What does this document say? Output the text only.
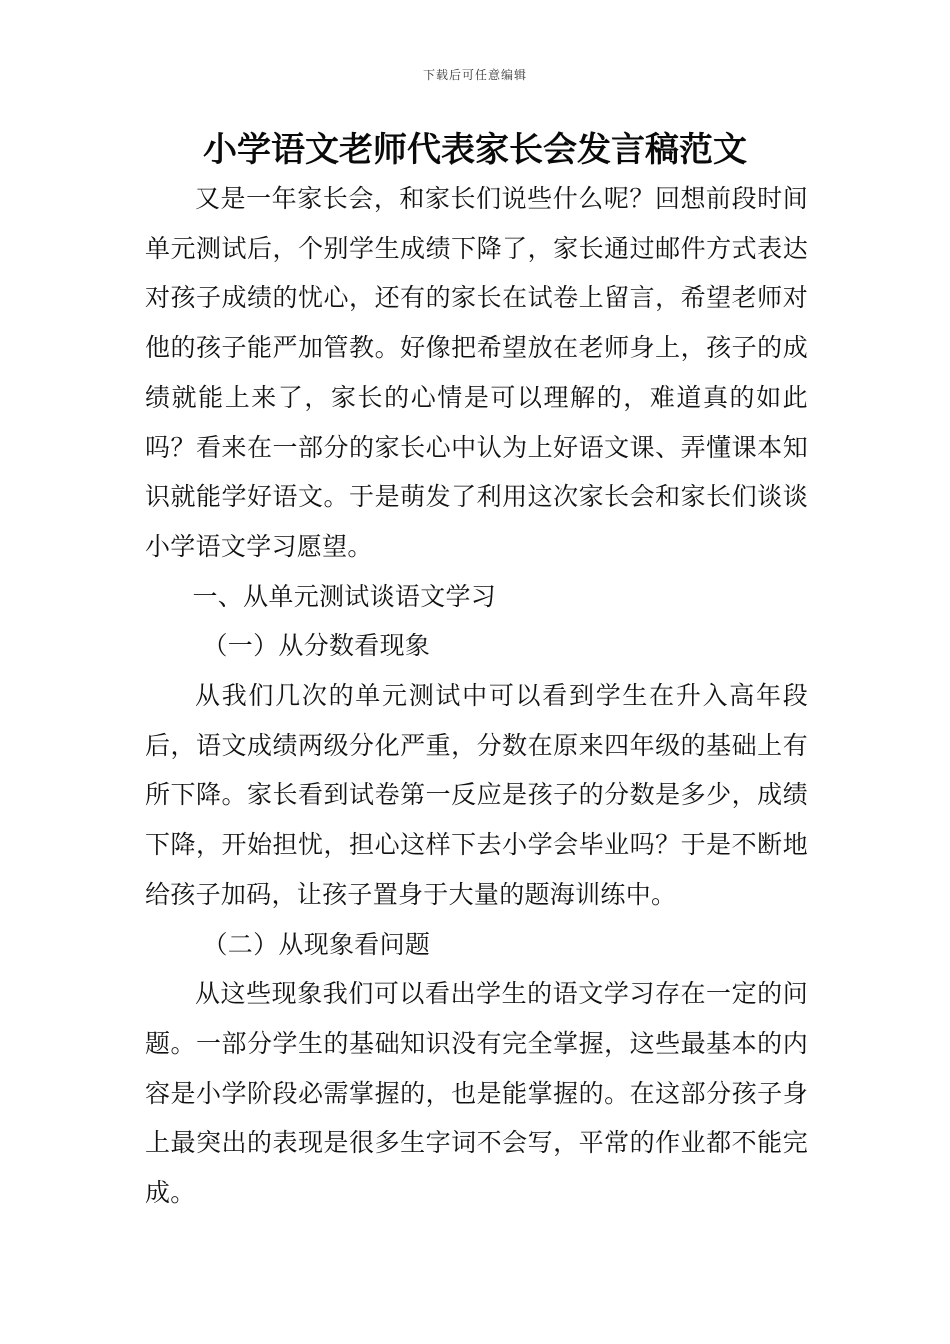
下载后可任意编辑
小学语文老师代表家长会发言稿范文

又是一年家长会，和家长们说些什么呢？回想前段时间单元测试后，个别学生成绩下降了，家长通过邮件方式表达对孩子成绩的忧心，还有的家长在试卷上留言，希望老师对他的孩子能严加管教。好像把希望放在老师身上，孩子的成绩就能上来了，家长的心情是可以理解的，难道真的如此吗？看来在一部分的家长心中认为上好语文课、弄懂课本知识就能学好语文。于是萌发了利用这次家长会和家长们谈谈小学语文学习愿望。

一、从单元测试谈语文学习

（一）从分数看现象

从我们几次的单元测试中可以看到学生在升入高年段后，语文成绩两级分化严重，分数在原来四年级的基础上有所下降。家长看到试卷第一反应是孩子的分数是多少，成绩下降，开始担忧，担心这样下去小学会毕业吗？于是不断地给孩子加码，让孩子置身于大量的题海训练中。

（二）从现象看问题

从这些现象我们可以看出学生的语文学习存在一定的问题。一部分学生的基础知识没有完全掌握，这些最基本的内容是小学阶段必需掌握的，也是能掌握的。在这部分孩子身上最突出的表现是很多生字词不会写，平常的作业都不能完成。
